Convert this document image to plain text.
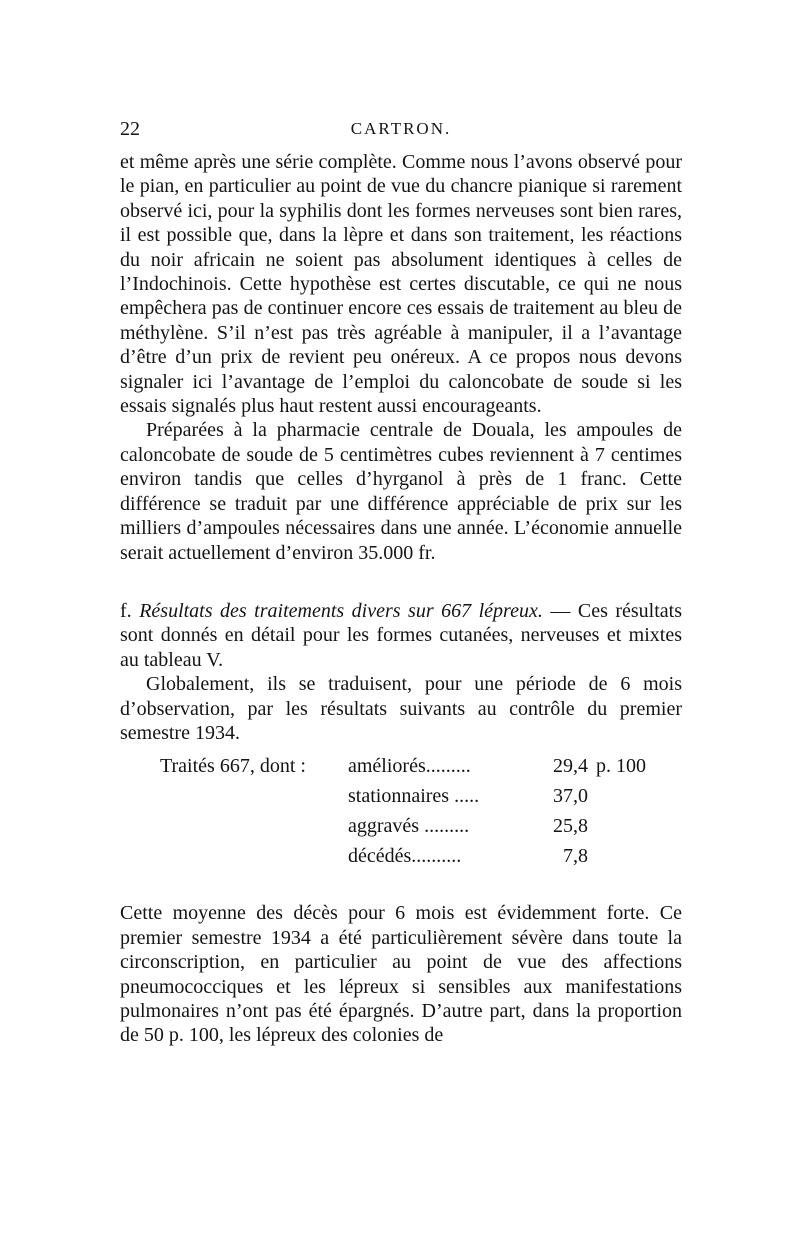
22	CARTRON.

et même après une série complète. Comme nous l’avons observé pour le pian, en particulier au point de vue du chancre pianique si rarement observé ici, pour la syphilis dont les formes nerveuses sont bien rares, il est possible que, dans la lèpre et dans son traitement, les réactions du noir africain ne soient pas absolument identiques à celles de l’Indochinois. Cette hypothèse est certes discutable, ce qui ne nous empêchera pas de continuer encore ces essais de traitement au bleu de méthylène. S’il n’est pas très agréable à manipuler, il a l’avantage d’être d’un prix de revient peu onéreux. A ce propos nous devons signaler ici l’avantage de l’emploi du caloncobate de soude si les essais signalés plus haut restent aussi encourageants.

Préparées à la pharmacie centrale de Douala, les ampoules de caloncobate de soude de 5 centimètres cubes reviennent à 7 centimes environ tandis que celles d’hyrganol à près de 1 franc. Cette différence se traduit par une différence appréciable de prix sur les milliers d’ampoules nécessaires dans une année. L’économie annuelle serait actuellement d’environ 35.000 fr.

f. Résultats des traitements divers sur 667 lépreux. — Ces résultats sont donnés en détail pour les formes cutanées, nerveuses et mixtes au tableau V.

Globalement, ils se traduisent, pour une période de 6 mois d’observation, par les résultats suivants au contrôle du premier semestre 1934.

Traités 667, dont :	améliorés.........	29,4	p. 100
	stationnaires .....	37,0	
	aggravés .........	25,8	
	décédés..........	7,8	

Cette moyenne des décès pour 6 mois est évidemment forte. Ce premier semestre 1934 a été particulièrement sévère dans toute la circonscription, en particulier au point de vue des affections pneumococciques et les lépreux si sensibles aux manifestations pulmonaires n’ont pas été épargnés. D’autre part, dans la proportion de 50 p. 100, les lépreux des colonies de
